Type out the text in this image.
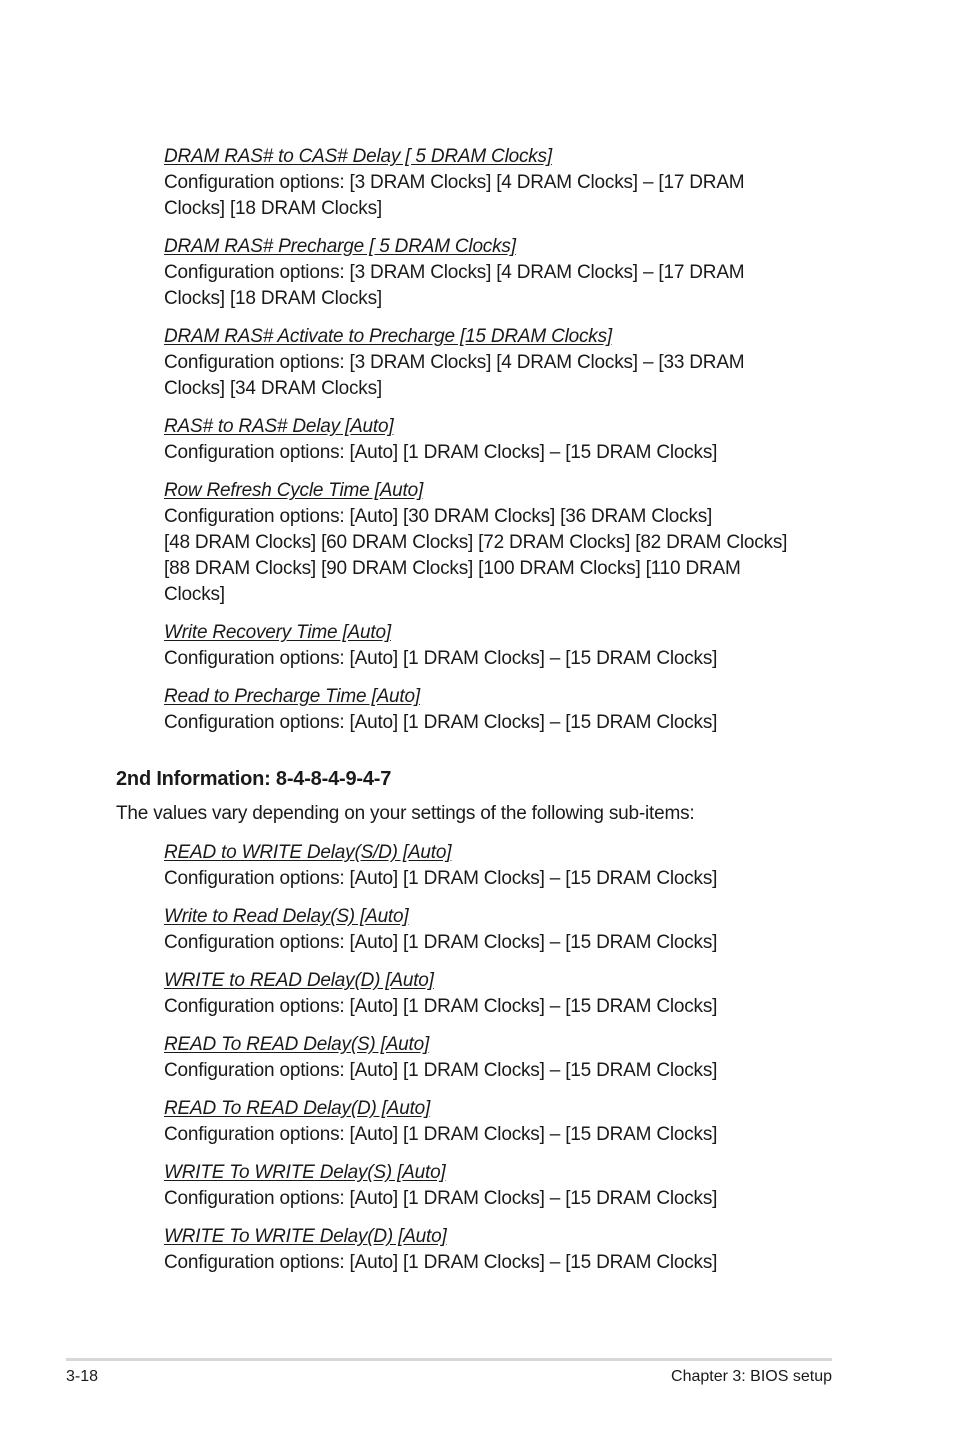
DRAM RAS# to CAS# Delay [ 5 DRAM Clocks]
Configuration options: [3 DRAM Clocks] [4 DRAM Clocks] – [17 DRAM
Clocks] [18 DRAM Clocks]
DRAM RAS# Precharge [ 5 DRAM Clocks]
Configuration options: [3 DRAM Clocks] [4 DRAM Clocks] – [17 DRAM
Clocks] [18 DRAM Clocks]
DRAM RAS# Activate to Precharge [15 DRAM Clocks]
Configuration options: [3 DRAM Clocks] [4 DRAM Clocks] – [33 DRAM
Clocks] [34 DRAM Clocks]
RAS# to RAS# Delay [Auto]
Configuration options: [Auto] [1 DRAM Clocks] – [15 DRAM Clocks]
Row Refresh Cycle Time [Auto]
Configuration options: [Auto] [30 DRAM Clocks] [36 DRAM Clocks]
[48 DRAM Clocks] [60 DRAM Clocks] [72 DRAM Clocks] [82 DRAM Clocks]
[88 DRAM Clocks] [90 DRAM Clocks] [100 DRAM Clocks] [110 DRAM
Clocks]
Write Recovery Time [Auto]
Configuration options: [Auto] [1 DRAM Clocks] – [15 DRAM Clocks]
Read to Precharge Time [Auto]
Configuration options: [Auto] [1 DRAM Clocks] – [15 DRAM Clocks]
2nd Information: 8-4-8-4-9-4-7
The values vary depending on your settings of the following sub-items:
READ to WRITE Delay(S/D) [Auto]
Configuration options: [Auto] [1 DRAM Clocks] – [15 DRAM Clocks]
Write to Read Delay(S) [Auto]
Configuration options: [Auto] [1 DRAM Clocks] – [15 DRAM Clocks]
WRITE to READ Delay(D) [Auto]
Configuration options: [Auto] [1 DRAM Clocks] – [15 DRAM Clocks]
READ To READ Delay(S) [Auto]
Configuration options: [Auto] [1 DRAM Clocks] – [15 DRAM Clocks]
READ To READ Delay(D) [Auto]
Configuration options: [Auto] [1 DRAM Clocks] – [15 DRAM Clocks]
WRITE To WRITE Delay(S) [Auto]
Configuration options: [Auto] [1 DRAM Clocks] – [15 DRAM Clocks]
WRITE To WRITE Delay(D) [Auto]
Configuration options: [Auto] [1 DRAM Clocks] – [15 DRAM Clocks]
3-18	Chapter 3: BIOS setup
